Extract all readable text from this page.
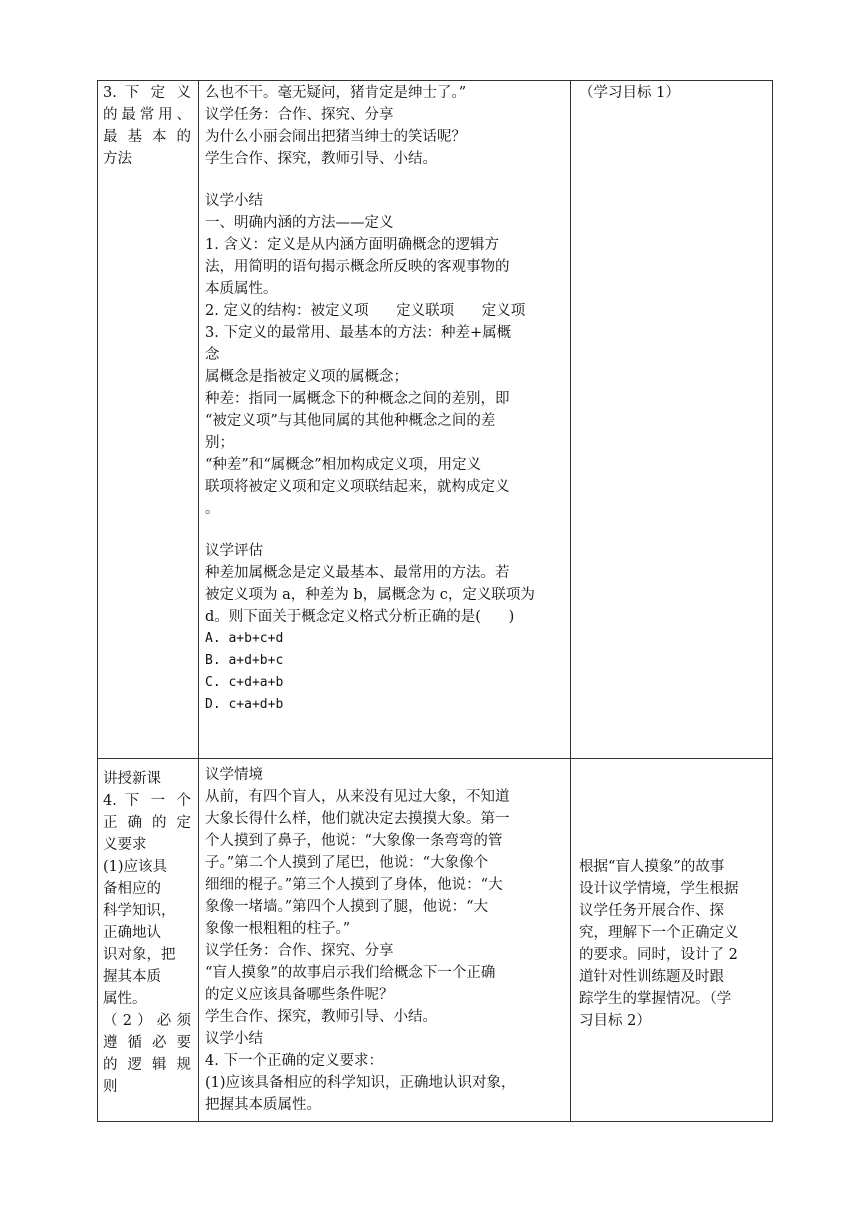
3. 下 定 义
的最常用、
最 基 本 的
方法
么也不干。毫无疑问，猪肯定是绅士了。”
议学任务：合作、探究、分享
为什么小丽会闹出把猪当绅士的笑话呢？
学生合作、探究，教师引导、小结。
议学小结
一、明确内涵的方法——定义
1. 含义：定义是从内涵方面明确概念的逻辑方
法，用简明的语句揭示概念所反映的客观事物的
本质属性。
2. 定义的结构：被定义项      定义联项      定义项
3. 下定义的最常用、最基本的方法：种差+属概
念
属概念是指被定义项的属概念；
种差：指同一属概念下的种概念之间的差别，即
“被定义项”与其他同属的其他种概念之间的差
别；
“种差”和“属概念”相加构成定义项，用定义
联项将被定义项和定义项联结起来，就构成定义
。
议学评估
种差加属概念是定义最基本、最常用的方法。若
被定义项为 a，种差为 b，属概念为 c，定义联项为
d。则下面关于概念定义格式分析正确的是(      )
A. a+b+c+d
B. a+d+b+c
C. c+d+a+b
D. c+a+d+b
（学习目标 1）
讲授新课
4. 下 一 个
正 确 的 定
义要求
(1)应该具
备相应的
科学知识，
正确地认
识对象，把
握其本质
属性。
（2）必须
遵 循 必 要
的 逻 辑 规
则
议学情境
从前，有四个盲人，从来没有见过大象，不知道
大象长得什么样，他们就决定去摸摸大象。第一
个人摸到了鼻子，他说：“大象像一条弯弯的管
子。”第二个人摸到了尾巴，他说：“大象像个
细细的棍子。”第三个人摸到了身体，他说：“大
象像一堵墙。”第四个人摸到了腿，他说：“大
象像一根粗粗的柱子。”
议学任务：合作、探究、分享
“盲人摸象”的故事启示我们给概念下一个正确
的定义应该具备哪些条件呢？
学生合作、探究，教师引导、小结。
议学小结
4. 下一个正确的定义要求：
(1)应该具备相应的科学知识，正确地认识对象，
把握其本质属性。
根据“盲人摸象”的故事
设计议学情境，学生根据
议学任务开展合作、探
究，理解下一个正确定义
的要求。同时，设计了 2
道针对性训练题及时跟
踪学生的掌握情况。（学
习目标 2）
